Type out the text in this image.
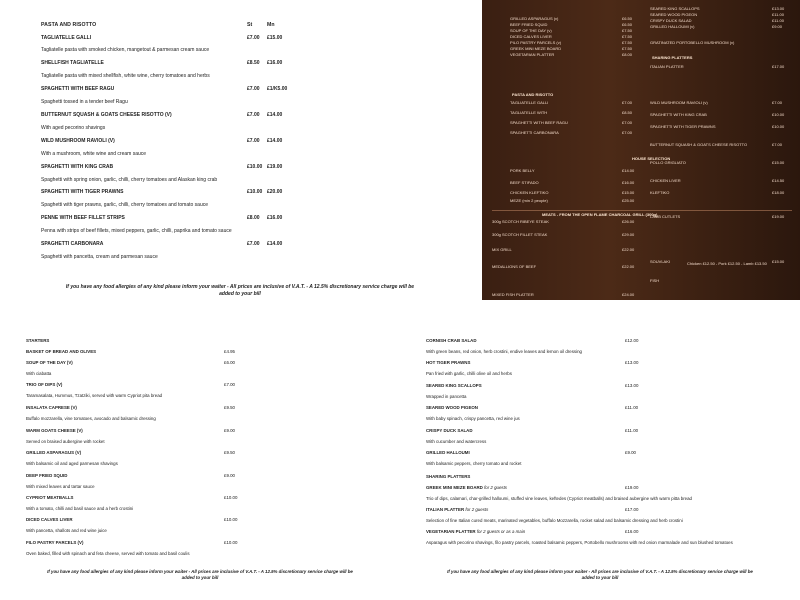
PASTA AND RISOTTO	St	Mn
TAGLIATELLE GALLI	£7.00 £15.00
Tagliatelle pasta with smoked chicken, mangetout & parmesan cream sauce
SHELLFISH TAGLIATELLE	£8.50 £16.00
Tagliatelle pasta with mixed shellfish, white wine, cherry tomatoes and herbs
SPAGHETTI WITH BEEF RAGU	£7.00 £1/K5.00
Spaghetti tossed in a tender beef Ragu
BUTTERNUT SQUASH & GOATS CHEESE RISOTTO (V)	£7.00 £14.00
With aged pecorino shavings
WILD MUSHROOM RAVIOLI (V)	£7.00 £14.00
With a mushroom, white wine and cream sauce
SPAGHETTI WITH KING CRAB	£10.00 £19.00
Spaghetti with spring onion, garlic, chilli, cherry tomatoes and Alaskan king crab
SPAGHETTI WITH TIGER PRAWNS	£10.00 £20.00
Spaghetti with tiger prawns, garlic, chilli, cherry tomatoes and tomato sauce
PENNE WITH BEEF FILLET STRIPS	£8.00 £16.00
Penna with strips of beef fillets, mixed peppers, garlic, chilli, paprika and tomato sauce
SPAGHETTI CARBONARA	£7.00 £14.00
Spaghetti with pancetta, cream and parmesan sauce
If you have any food allergies of any kind please inform your waiter - All prices are inclusive of V.A.T. - A 12.5% discretionary service charge will be
added to your bill
GRILLED ASPARAGUS (v)	£6.50
BEEF FRIED SQUID	£6.50
SOUP OF THE DAY (v)	£7.50
DICED CALVES LIVER	£7.50
PILO PASTRY PARCELS (v)	£7.50
GREEK MINI MEZE BOARD	£7.50
VEGETARIAN PLATTER	£8.00
TAGLIATELLE GALLI	£7.00
TAGLIATELLE WITH	£8.50
SPAGHETTI WITH BEEF RAGU	£7.00
SPAGHETTI CARBONARA	£7.00
PORK BELLY	£14.00
BEEF STIFADO	£16.00
CHICKEN KLEFTIKO	£15.00
MEZE (min 2 people)	£25.00
SEARED KING SCALLOPS	£13.00
SEARED WOOD PIGEON	£11.00
CRISPY DUCK SALAD	£11.00
GRILLED HALLOUMI (v)	£9.00
GRATINATED PORTOBELLO MUSHROOM (v)
ITALIAN PLATTER	£17.00
WILD MUSHROOM RAVIOLI (v)	£7.00
SPAGHETTI WITH KING CRAB	£10.00
SPAGHETTI WITH TIGER PRAWNS	£10.00
BUTTERNUT SQUASH & GOATS CHEESE RISOTTO	£7.00
POLLO GRIGLIATO	£15.00
CHICKEN LIVER	£14.50
KLEFTIKO	£18.00
LAMB CUTLETS	£19.00
SOUVLAKI	£15.00
FISH
SHARING PLATTERS
PASTA AND RISOTTO
HOUSE SELECTION
MEATS - FROM THE OPEN FLAME CHARCOAL GRILL (300g)
Chicken £12.50 - Pork £12.50 - Lamb £13.50
300g SCOTCH RIBEYE STEAK	£26.00
300g SCOTCH FILLET STEAK	£29.00
MIX GRILL	£22.00
MEDALLIONS OF BEEF	£22.00
MIXED FISH PLATTER	£24.00
STARTERS
BASKET OF BREAD AND OLIVES	£4.95
SOUP OF THE DAY (V)	£6.00
With ciabatta
TRIO OF DIPS (V)	£7.00
Taramasalata, Hummus, Tzatziki, served with warm Cypriot pita bread
INSALATA CAPRESE (V)	£9.50
Buffalo mozzarella, vine tomatoes, avocado and balsamic dressing
WARM GOATS CHEESE (V)	£9.00
Served on braised aubergine with rocket
GRILLED ASPARAGUS (V)	£9.50
With balsamic oil and aged parmesan shavings
DEEP FRIED SQUID	£9.00
With mixed leaves and tartar sauce
CYPRIOT MEATBALLS	£10.00
With a tomato, chilli and basil sauce and a herb crostini
DICED CALVES LIVER	£10.00
With pancetta, shallots and red wine juice
FILO PASTRY PARCELS (V)	£10.00
Oven baked, filled with spinach and feta cheese, served with tomato and basil coulis
If you have any food allergies of any kind please inform your waiter - All prices are inclusive of V.A.T. - A 12.5% discretionary service charge will be
added to your bill
CORNISH CRAB SALAD	£12.00
With green beans, red onion, herb crostini, endive leaves and lemon oil dressing
HOT TIGER PRAWNS	£13.00
Pan fried with garlic, chilli olive oil and herbs
SEARED KING SCALLOPS	£13.00
Wrapped in pancetta
SEARED WOOD PIGEON	£11.00
With baby spinach, crispy pancetta, red wine jus
CRISPY DUCK SALAD	£11.00
With cucumber and watercress
GRILLED HALLOUMI	£9.00
With balsamic peppers, cherry tomato and rocket
SHARING PLATTERS
GREEK MINI MEZE BOARD for 2 guests	£19.00
Trio of dips, calamari, char-grilled halloumi, stuffed vine leaves, keftedes (Cypriot meatballs) and braised aubergine with warm pitta bread
ITALIAN PLATTER for 2 guests	£17.00
Selection of fine Italian cured meats, marinated vegetables, buffalo Mozzarella, rocket salad and balsamic dressing and herb crostini
VEGETARIAN PLATTER for 2 guests or as a main	£16.00
Asparagus with pecorino shavings, filo pastry parcels, roasted balsamic peppers, Portobello mushrooms with red onion marmalade and sun blushed tomatoes
If you have any food allergies of any kind please inform your waiter - All prices are inclusive of V.A.T. - A 12.5% discretionary service charge will be
added to your bill
